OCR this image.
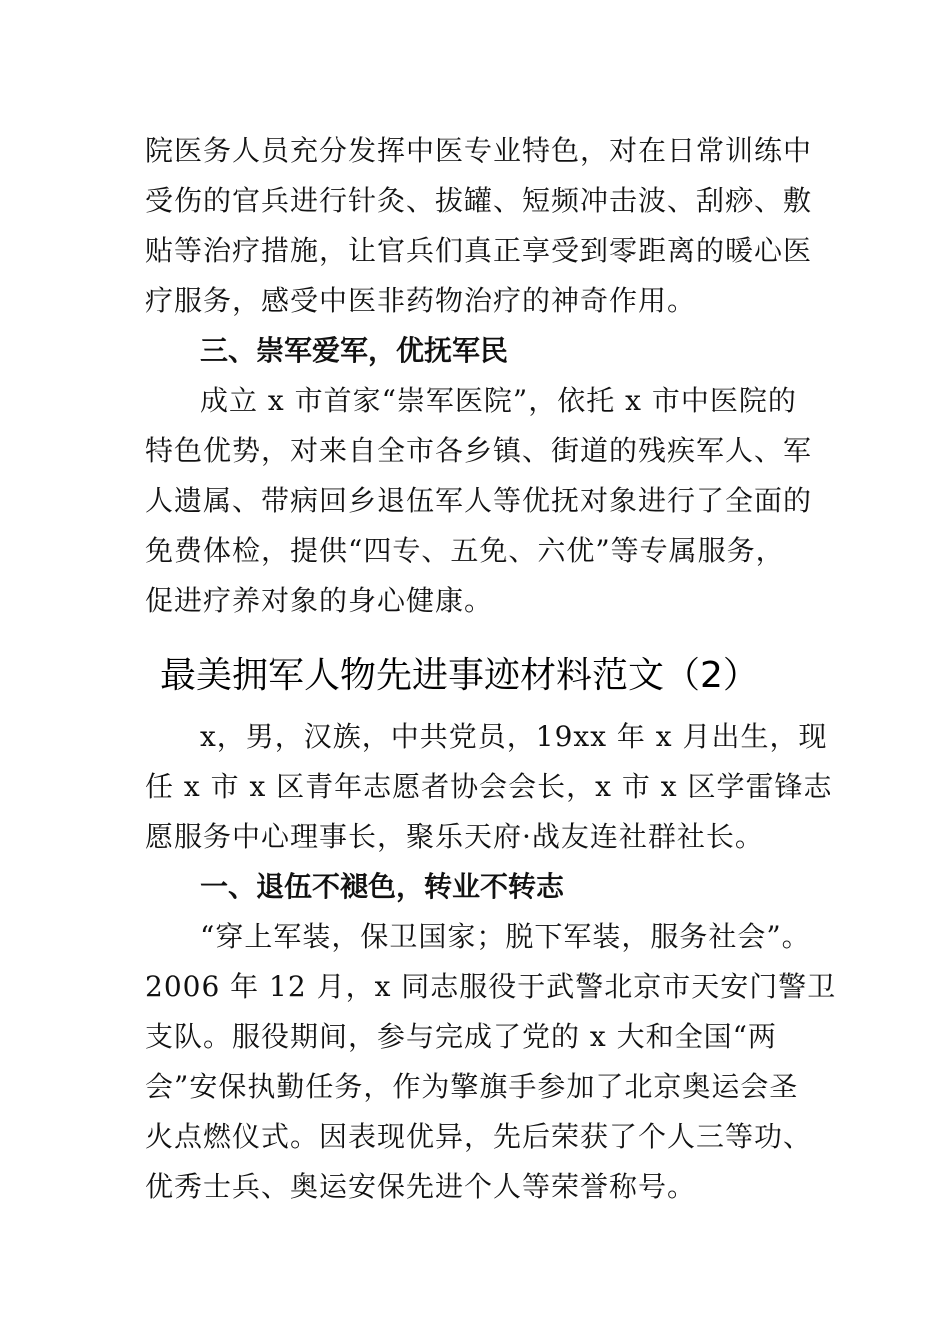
院医务人员充分发挥中医专业特色，对在日常训练中
受伤的官兵进行针灸、拔罐、短频冲击波、刮痧、敷
贴等治疗措施，让官兵们真正享受到零距离的暖心医
疗服务，感受中医非药物治疗的神奇作用。
三、崇军爱军，优抚军民
成立 x 市首家“崇军医院”，依托 x 市中医院的
特色优势，对来自全市各乡镇、街道的残疾军人、军
人遗属、带病回乡退伍军人等优抚对象进行了全面的
免费体检，提供“四专、五免、六优”等专属服务，
促进疗养对象的身心健康。
最美拥军人物先进事迹材料范文（2）
x，男，汉族，中共党员，19xx 年 x 月出生，现
任 x 市 x 区青年志愿者协会会长，x 市 x 区学雷锋志
愿服务中心理事长，聚乐天府·战友连社群社长。
一、退伍不褪色，转业不转志
“穿上军装，保卫国家；脱下军装，服务社会”。
2006 年 12 月，x 同志服役于武警北京市天安门警卫
支队。服役期间，参与完成了党的 x 大和全国“两
会”安保执勤任务，作为擎旗手参加了北京奥运会圣
火点燃仪式。因表现优异，先后荣获了个人三等功、
优秀士兵、奥运安保先进个人等荣誉称号。
